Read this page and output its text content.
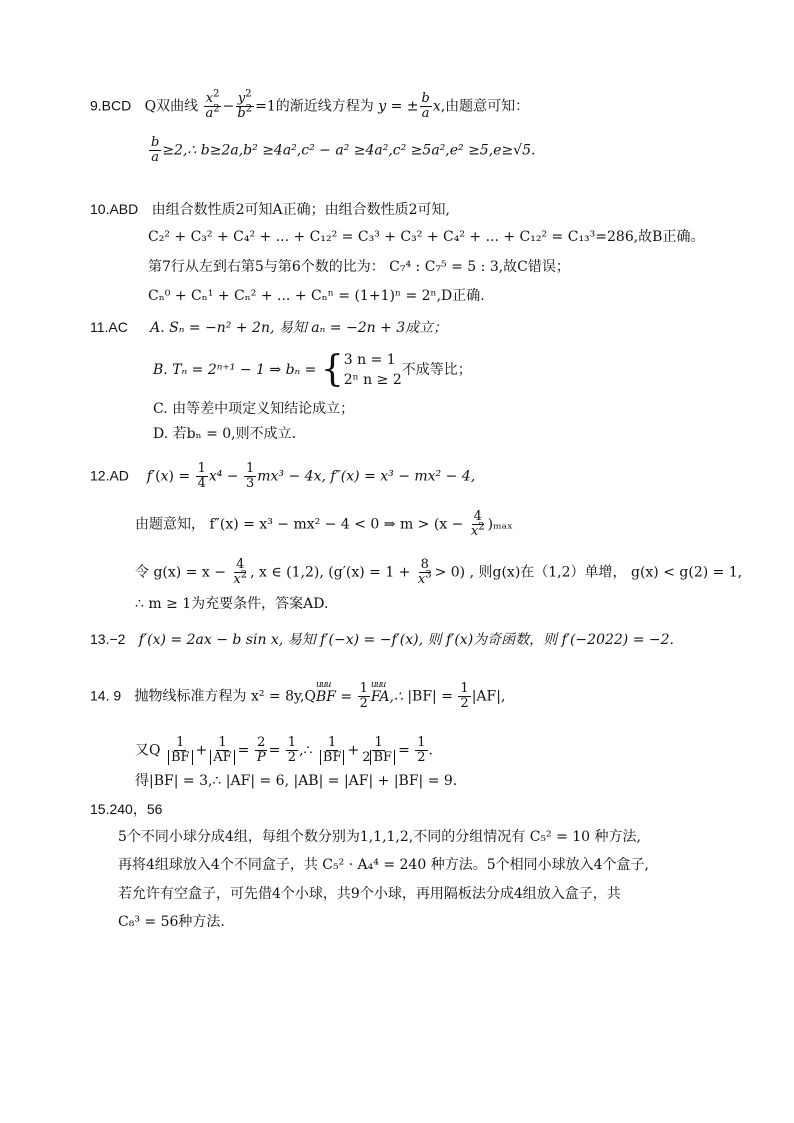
9.BCD Q双曲线 $\frac{x^2}{a^2} - \frac{y^2}{b^2} =1$的渐近线方程为 y = ± $\frac{b}{a} x$,由题意可知：
$\frac{b}{a}$ ≥2,∴ b≥2a,b² ≥4a²,c² − a² ≥4a²,c² ≥5a²,e² ≥5,e≥√5.
10.ABD 由组合数性质2可知A正确；由组合数性质2可知,
C₂² + C₃² + C₄² + ... + C₁₂² = C₃³ + C₃² + C₄² + ... + C₁₂² = C₁₃³=286,故B正确。
第7行从左到右第5与第6个数的比为： C₇⁴ : C₇⁵ = 5 : 3,故C错误；
Cₙ⁰ + Cₙ¹ + Cₙ² + ... + Cₙⁿ = (1+1)ⁿ = 2ⁿ,D正确.
11.AC A. Sₙ = −n² + 2n, 易知 aₙ = −2n + 3成立；
B. Tₙ = 2ⁿ⁺¹ − 1 ⇒ bₙ = { 3 n = 1
2ⁿ n ≥ 2
不成等比；
C. 由等差中项定义知结论成立；
D. 若bₙ = 0,则不成立.
12.AD $f'(x) = \frac{1}{4} x^4 - \frac{1}{3} mx^3 - 4x$, f″(x) = x³ − mx² − 4,
由题意知， f″(x) = x³ − mx² − 4 < 0 ⇒ $m > (x - \frac{4}{x^2} )_{max}$
令 $g(x) = x - \frac{4}{x^2}$ , x ∈ (1,2), $(g'(x) = 1 + \frac{8}{x^3} > 0)$ , 则g(x)在（1,2）单增， g(x) < g(2) = 1,
∴ m ≥ 1为充要条件，答案AD.
13.−2 f′(x) = 2ax − b sin x, 易知 f′(−x) = −f′(x), 则 f′(x)为奇函数，则 f′(−2022) = −2.
14. 9 抛物线标准方程为 x² = 8y,Quuu BF = $\frac{1}{2}$
uuu FA,∴ $|BF| = \frac{1}{2} |AF|$,
又Q $\frac{1}{BF} + \frac{1}{AF} = \frac{2}{P} = \frac{1}{2}$ ,∴ $\frac{1}{BF} + \frac{1}{2 BF} = \frac{1}{2}$ .
得|BF| = 3,∴ |AF| = 6, |AB| = |AF| + |BF| = 9.
15.240，56
5个不同小球分成4组，每组个数分别为1,1,1,2,不同的分组情况有 C₅² = 10 种方法,
再将4组球放入4个不同盒子，共 C₅² · A₄⁴ = 240 种方法。5个相同小球放入4个盒子,
若允许有空盒子，可先借4个小球，共9个小球，再用隔板法分成4组放入盒子，共
C₈³ = 56种方法.
